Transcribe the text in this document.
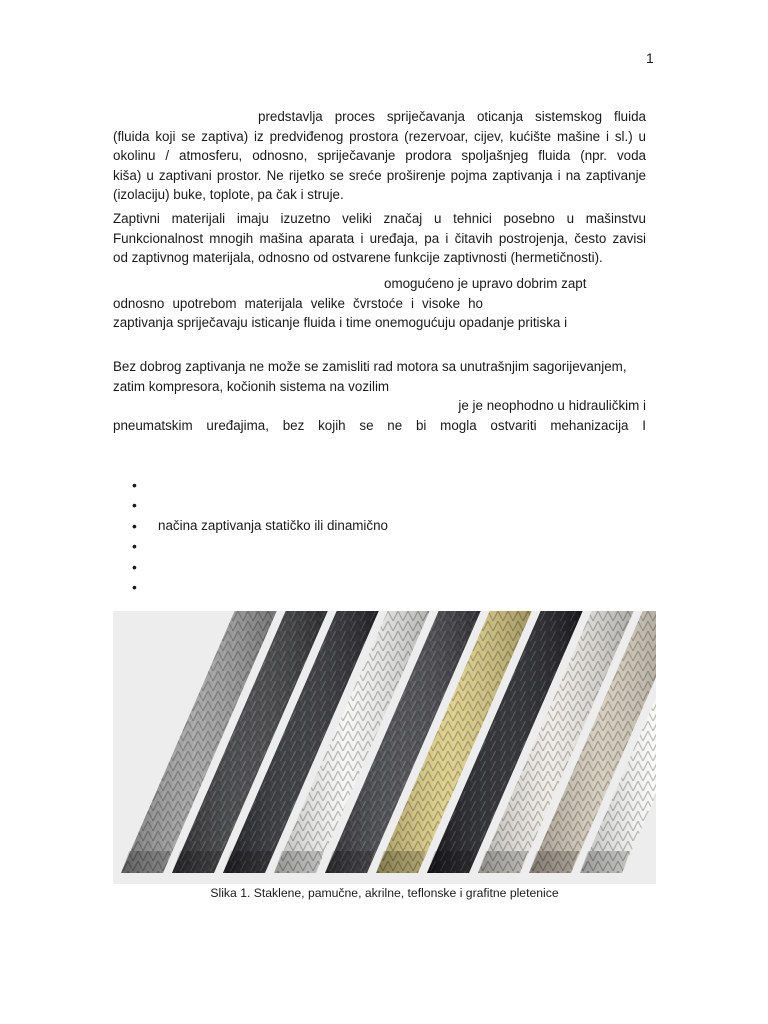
1
predstavlja proces spriječavanja oticanja sistemskog fluida
(fluida koji se zaptiva) iz predviđenog prostora (rezervoar, cijev, kućište mašine i sl.) u
okolinu / atmosferu, odnosno, spriječavanje prodora spoljašnjeg fluida (npr. voda
kiša) u zaptivani prostor. Ne rijetko se sreće proširenje pojma zaptivanja i na zaptivanje
(izolaciju) buke, toplote, pa čak i struje.
Zaptivni materijali imaju izuzetno veliki značaj u tehnici posebno u mašinstvu
Funkcionalnost mnogih mašina aparata i uređaja, pa i čitavih postrojenja, često zavisi
od zaptivnog materijala, odnosno od ostvarene funkcije zaptivnosti (hermetičnosti).
omogućeno je upravo dobrim zapt
odnosno upotrebom materijala velike čvrstoće i visoke ho
zaptivanja spriječavaju isticanje fluida i time onemogućuju opadanje pritiska i
Bez dobrog zaptivanja ne može se zamisliti rad motora sa unutrašnjim sagorijevanjem,
zatim kompresora, kočionih sistema na vozilim
je je neophodno u hidrauličkim i
pneumatskim uređajima, bez kojih se ne bi mogla ostvariti mehanizacija I
•
•
• načina zaptivanja statičko ili dinamično
•
•
•
Slika 1. Staklene, pamučne, akrilne, teflonske i grafitne pletenice
